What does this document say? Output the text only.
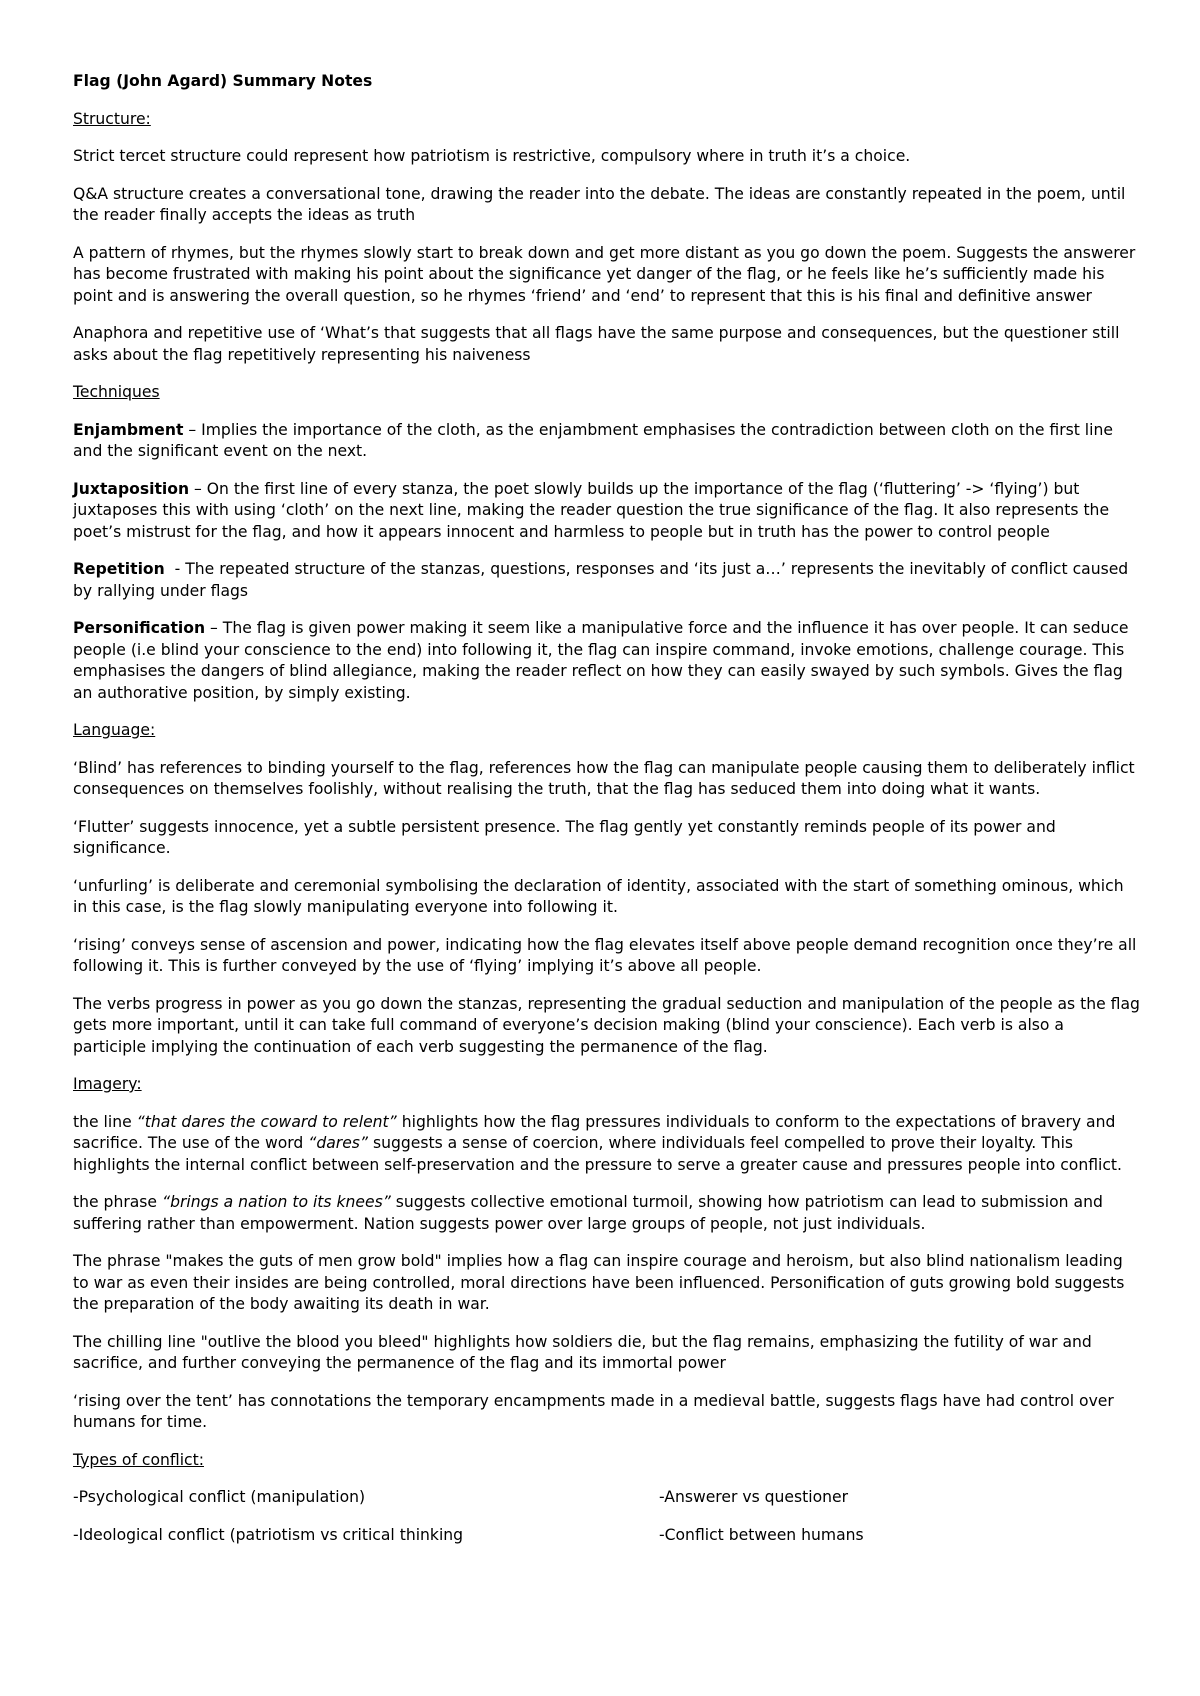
Flag (John Agard) Summary Notes
Structure:

Strict tercet structure could represent how patriotism is restrictive, compulsory where in truth it’s a choice.

Q&A structure creates a conversational tone, drawing the reader into the debate. The ideas are constantly repeated in the poem, until the reader finally accepts the ideas as truth

A pattern of rhymes, but the rhymes slowly start to break down and get more distant as you go down the poem. Suggests the answerer has become frustrated with making his point about the significance yet danger of the flag, or he feels like he’s sufficiently made his point and is answering the overall question, so he rhymes ‘friend’ and ‘end’ to represent that this is his final and definitive answer

Anaphora and repetitive use of ‘What’s that suggests that all flags have the same purpose and consequences, but the questioner still asks about the flag repetitively representing his naiveness

Techniques

Enjambment – Implies the importance of the cloth, as the enjambment emphasises the contradiction between cloth on the first line and the significant event on the next.

Juxtaposition – On the first line of every stanza, the poet slowly builds up the importance of the flag (‘fluttering’ -> ‘flying’) but juxtaposes this with using ‘cloth’ on the next line, making the reader question the true significance of the flag. It also represents the poet’s mistrust for the flag, and how it appears innocent and harmless to people but in truth has the power to control people

Repetition  - The repeated structure of the stanzas, questions, responses and ‘its just a…’ represents the inevitably of conflict caused by rallying under flags

Personification – The flag is given power making it seem like a manipulative force and the influence it has over people. It can seduce people (i.e blind your conscience to the end) into following it, the flag can inspire command, invoke emotions, challenge courage. This emphasises the dangers of blind allegiance, making the reader reflect on how they can easily swayed by such symbols. Gives the flag an authorative position, by simply existing.

Language:

‘Blind’ has references to binding yourself to the flag, references how the flag can manipulate people causing them to deliberately inflict consequences on themselves foolishly, without realising the truth, that the flag has seduced them into doing what it wants.

‘Flutter’ suggests innocence, yet a subtle persistent presence. The flag gently yet constantly reminds people of its power and significance.

‘unfurling’ is deliberate and ceremonial symbolising the declaration of identity, associated with the start of something ominous, which in this case, is the flag slowly manipulating everyone into following it.

‘rising’ conveys sense of ascension and power, indicating how the flag elevates itself above people demand recognition once they’re all following it. This is further conveyed by the use of ‘flying’ implying it’s above all people.

The verbs progress in power as you go down the stanzas, representing the gradual seduction and manipulation of the people as the flag gets more important, until it can take full command of everyone’s decision making (blind your conscience). Each verb is also a participle implying the continuation of each verb suggesting the permanence of the flag.

Imagery:

the line “that dares the coward to relent” highlights how the flag pressures individuals to conform to the expectations of bravery and sacrifice. The use of the word “dares” suggests a sense of coercion, where individuals feel compelled to prove their loyalty. This highlights the internal conflict between self-preservation and the pressure to serve a greater cause and pressures people into conflict.

the phrase “brings a nation to its knees” suggests collective emotional turmoil, showing how patriotism can lead to submission and suffering rather than empowerment. Nation suggests power over large groups of people, not just individuals.

The phrase "makes the guts of men grow bold" implies how a flag can inspire courage and heroism, but also blind nationalism leading to war as even their insides are being controlled, moral directions have been influenced. Personification of guts growing bold suggests the preparation of the body awaiting its death in war.

The chilling line "outlive the blood you bleed" highlights how soldiers die, but the flag remains, emphasizing the futility of war and sacrifice, and further conveying the permanence of the flag and its immortal power

‘rising over the tent’ has connotations the temporary encampments made in a medieval battle, suggests flags have had control over humans for time.

Types of conflict:
-Psychological conflict (manipulation)	-Answerer vs questioner
-Ideological conflict (patriotism vs critical thinking	-Conflict between humans
